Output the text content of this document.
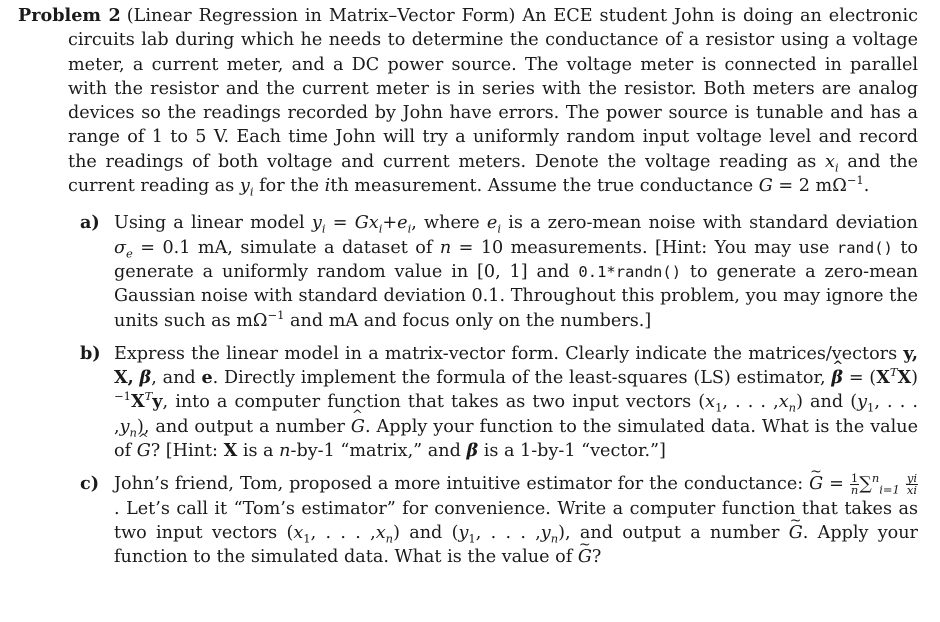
Problem 2 (Linear Regression in Matrix–Vector Form) An ECE student John is doing an electronic circuits lab during which he needs to determine the conductance of a resistor using a voltage meter, a current meter, and a DC power source. The voltage meter is connected in parallel with the resistor and the current meter is in series with the resistor. Both meters are analog devices so the readings recorded by John have errors. The power source is tunable and has a range of 1 to 5 V. Each time John will try a uniformly random input voltage level and record the readings of both voltage and current meters. Denote the voltage reading as $x_i$ and the current reading as $y_i$ for the ith measurement. Assume the true conductance G = 2 $m\Omega^{-1}$.

a) Using a linear model $y_i = Gx_i+e_i$, where $e_i$ is a zero-mean noise with standard deviation $\sigma_e = 0.1$ mA, simulate a dataset of n = 10 measurements. [Hint: You may use rand() to generate a uniformly random value in [0, 1] and 0.1*randn() to generate a zero-mean Gaussian noise with standard deviation 0.1. Throughout this problem, you may ignore the units such as $m\Omega^{-1}$ and mA and focus only on the numbers.]

b) Express the linear model in a matrix-vector form. Clearly indicate the matrices/vectors y, X, β, and e. Directly implement the formula of the least-squares (LS) estimator, ^ $\beta = (X^TX)^{-1}X^Ty$, into a computer function that takes as two input vectors ($x_1$, . . . $,x_n$) and ($y_1$, . . . $,y_n$), and output a number ^ G. Apply your function to the simulated data. What is the value of ^ G? [Hint: X is a n-by-1 “matrix,” and β is a 1-by-1 “vector.”]

c) John’s friend, Tom, proposed a more intuitive estimator for the conductance: ~ $G = \frac{1}{n} \sum^n_{i=1} \frac{yi}{xi}$
. Let’s call it “Tom’s estimator” for convenience. Write a computer function that takes as two input vectors ($x_1$, . . . $,x_n$) and ($y_1$, . . . $,y_n$), and output a number ~ G. Apply your function to the simulated data. What is the value of ~ G?
